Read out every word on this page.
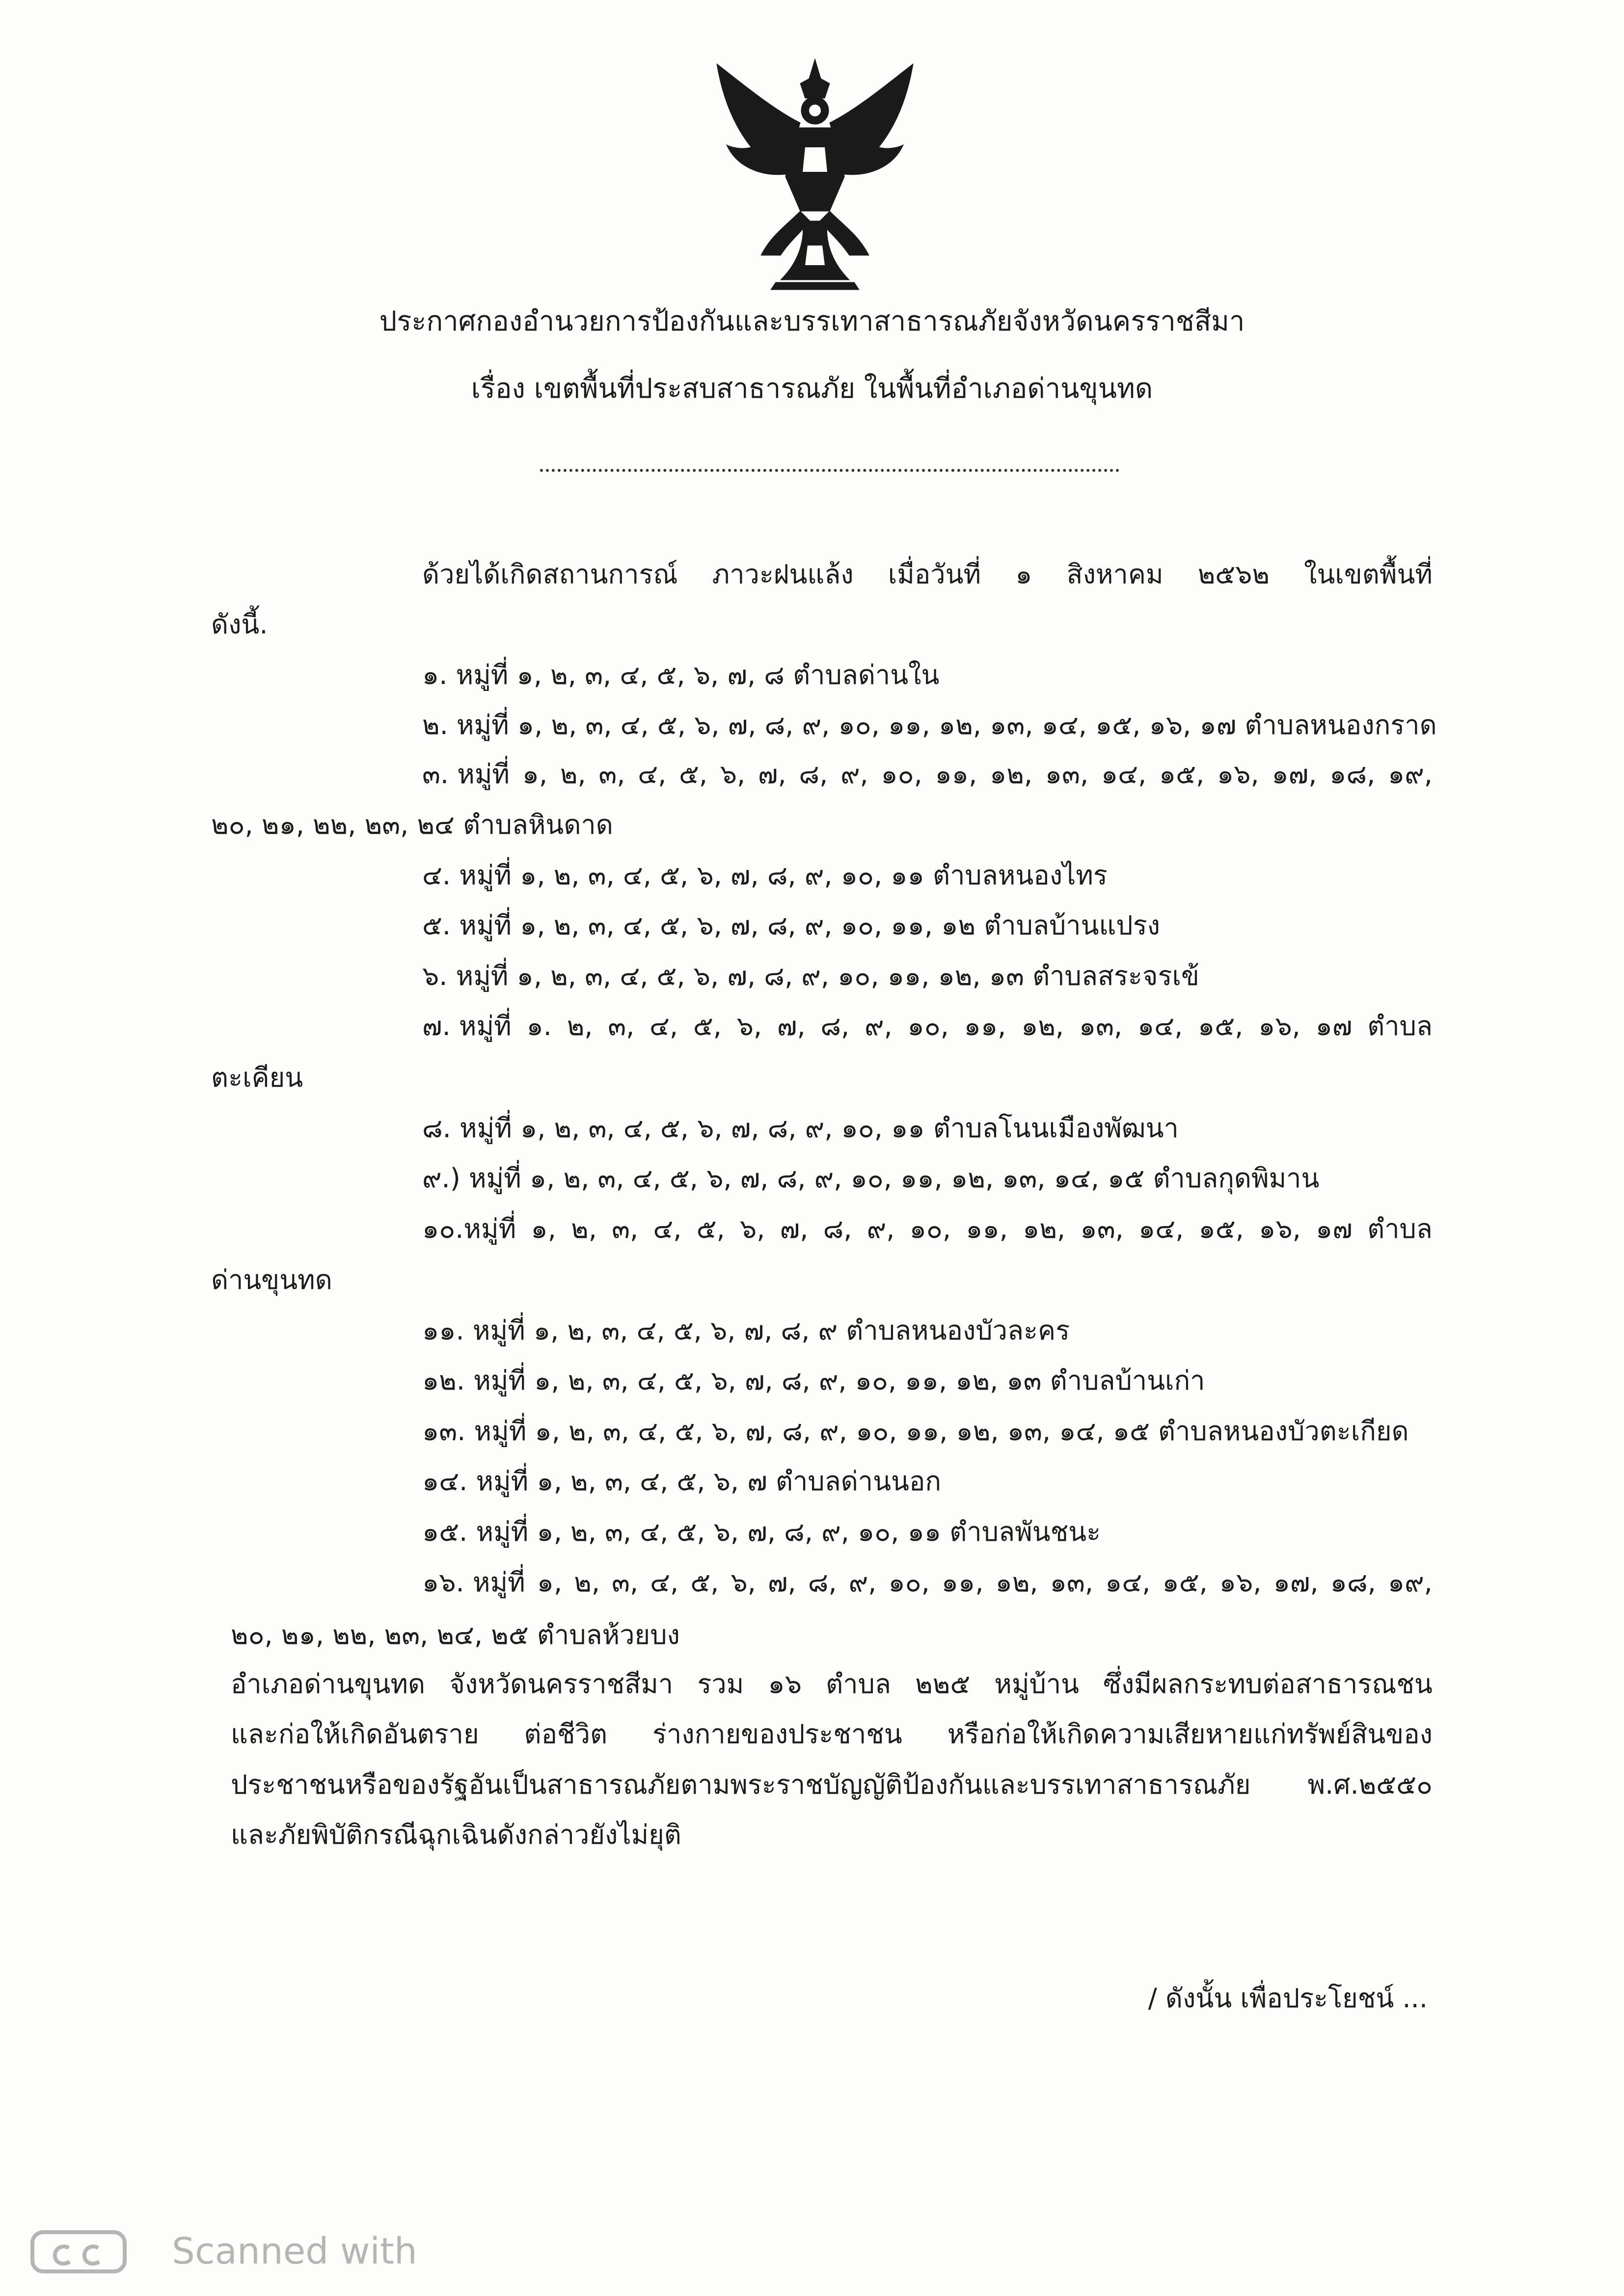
ประกาศกองอำนวยการป้องกันและบรรเทาสาธารณภัยจังหวัดนครราชสีมา
เรื่อง เขตพื้นที่ประสบสาธารณภัย ในพื้นที่อำเภอด่านขุนทด
ด้วยได้เกิดสถานการณ์ ภาวะฝนแล้ง เมื่อวันที่ ๑ สิงหาคม ๒๕๖๒ ในเขตพื้นที่
ดังนี้.
๑. หมู่ที่ ๑, ๒, ๓, ๔, ๕, ๖, ๗, ๘ ตำบลด่านใน
๒. หมู่ที่ ๑, ๒, ๓, ๔, ๕, ๖, ๗, ๘, ๙, ๑๐, ๑๑, ๑๒, ๑๓, ๑๔, ๑๕, ๑๖, ๑๗ ตำบลหนองกราด
๓. หมู่ที่ ๑, ๒, ๓, ๔, ๕, ๖, ๗, ๘, ๙, ๑๐, ๑๑, ๑๒, ๑๓, ๑๔, ๑๕, ๑๖, ๑๗, ๑๘, ๑๙,
๒๐, ๒๑, ๒๒, ๒๓, ๒๔ ตำบลหินดาด
๔. หมู่ที่ ๑, ๒, ๓, ๔, ๕, ๖, ๗, ๘, ๙, ๑๐, ๑๑ ตำบลหนองไทร
๕. หมู่ที่ ๑, ๒, ๓, ๔, ๕, ๖, ๗, ๘, ๙, ๑๐, ๑๑, ๑๒ ตำบลบ้านแปรง
๖. หมู่ที่ ๑, ๒, ๓, ๔, ๕, ๖, ๗, ๘, ๙, ๑๐, ๑๑, ๑๒, ๑๓ ตำบลสระจรเข้
๗. หมู่ที่ ๑. ๒, ๓, ๔, ๕, ๖, ๗, ๘, ๙, ๑๐, ๑๑, ๑๒, ๑๓, ๑๔, ๑๕, ๑๖, ๑๗ ตำบล
ตะเคียน
๘. หมู่ที่ ๑, ๒, ๓, ๔, ๕, ๖, ๗, ๘, ๙, ๑๐, ๑๑ ตำบลโนนเมืองพัฒนา
๙.) หมู่ที่ ๑, ๒, ๓, ๔, ๕, ๖, ๗, ๘, ๙, ๑๐, ๑๑, ๑๒, ๑๓, ๑๔, ๑๕ ตำบลกุดพิมาน
๑๐.หมู่ที่ ๑, ๒, ๓, ๔, ๕, ๖, ๗, ๘, ๙, ๑๐, ๑๑, ๑๒, ๑๓, ๑๔, ๑๕, ๑๖, ๑๗ ตำบล
ด่านขุนทด
๑๑. หมู่ที่ ๑, ๒, ๓, ๔, ๕, ๖, ๗, ๘, ๙ ตำบลหนองบัวละคร
๑๒. หมู่ที่ ๑, ๒, ๓, ๔, ๕, ๖, ๗, ๘, ๙, ๑๐, ๑๑, ๑๒, ๑๓ ตำบลบ้านเก่า
๑๓. หมู่ที่ ๑, ๒, ๓, ๔, ๕, ๖, ๗, ๘, ๙, ๑๐, ๑๑, ๑๒, ๑๓, ๑๔, ๑๕ ตำบลหนองบัวตะเกียด
๑๔. หมู่ที่ ๑, ๒, ๓, ๔, ๕, ๖, ๗ ตำบลด่านนอก
๑๕. หมู่ที่ ๑, ๒, ๓, ๔, ๕, ๖, ๗, ๘, ๙, ๑๐, ๑๑ ตำบลพันชนะ
๑๖. หมู่ที่ ๑, ๒, ๓, ๔, ๕, ๖, ๗, ๘, ๙, ๑๐, ๑๑, ๑๒, ๑๓, ๑๔, ๑๕, ๑๖, ๑๗, ๑๘, ๑๙,
๒๐, ๒๑, ๒๒, ๒๓, ๒๔, ๒๕ ตำบลห้วยบง
อำเภอด่านขุนทด จังหวัดนครราชสีมา รวม ๑๖ ตำบล ๒๒๕ หมู่บ้าน ซึ่งมีผลกระทบต่อสาธารณชน
และก่อให้เกิดอันตราย ต่อชีวิต ร่างกายของประชาชน หรือก่อให้เกิดความเสียหายแก่ทรัพย์สินของ
ประชาชนหรือของรัฐอันเป็นสาธารณภัยตามพระราชบัญญัติป้องกันและบรรเทาสาธารณภัย พ.ศ.๒๕๕๐
และภัยพิบัติกรณีฉุกเฉินดังกล่าวยังไม่ยุติ
/ ดังนั้น เพื่อประโยชน์ ...
Scanned with
